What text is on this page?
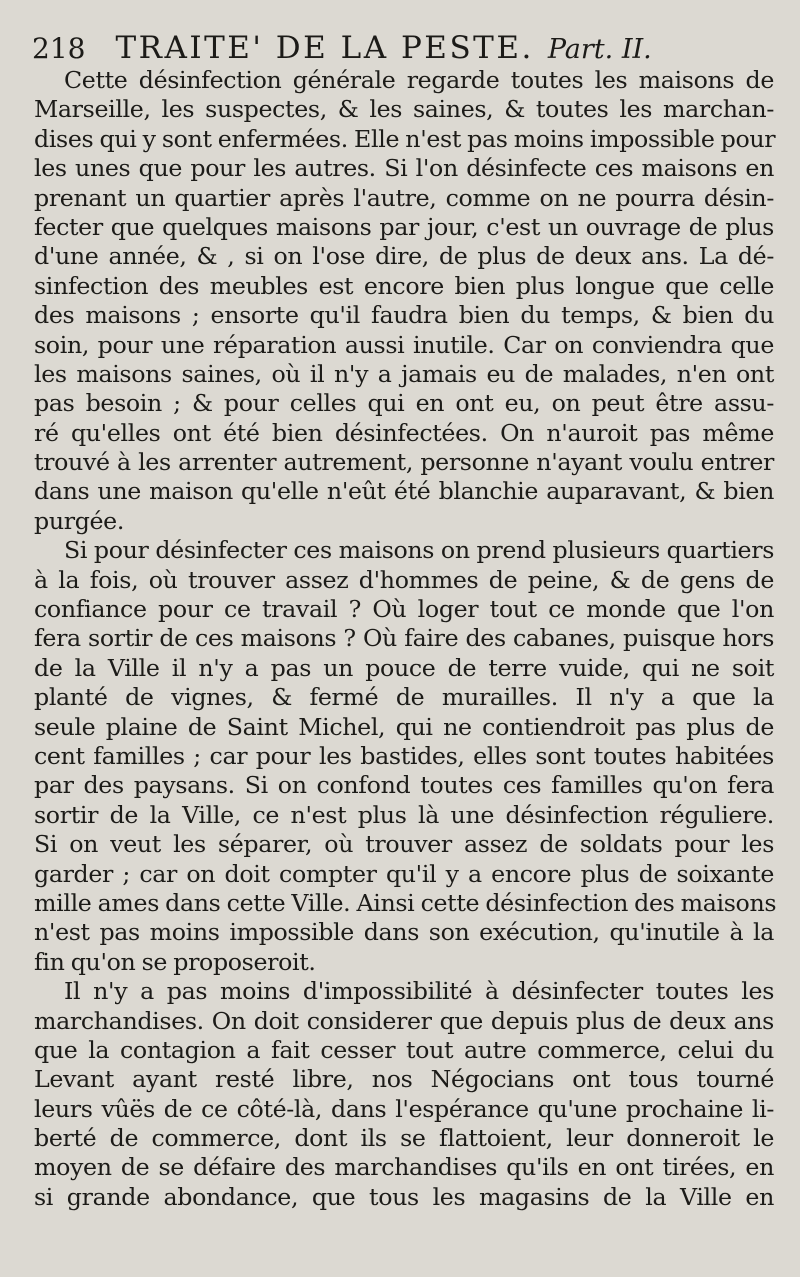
218 TRAITE' DE LA PESTE. Part. II.
Cette désinfection générale regarde toutes les maisons de
Marseille, les suspectes, & les saines, & toutes les marchan-
dises qui y sont enfermées. Elle n'est pas moins impossible pour
les unes que pour les autres. Si l'on désinfecte ces maisons en
prenant un quartier après l'autre, comme on ne pourra désin-
fecter que quelques maisons par jour, c'est un ouvrage de plus
d'une année, & , si on l'ose dire, de plus de deux ans. La dé-
sinfection des meubles est encore bien plus longue que celle
des maisons ; ensorte qu'il faudra bien du temps, & bien du
soin, pour une réparation aussi inutile. Car on conviendra que
les maisons saines, où il n'y a jamais eu de malades, n'en ont
pas besoin ; & pour celles qui en ont eu, on peut être assu-
ré qu'elles ont été bien désinfectées. On n'auroit pas même
trouvé à les arrenter autrement, personne n'ayant voulu entrer
dans une maison qu'elle n'eût été blanchie auparavant, & bien
purgée.
Si pour désinfecter ces maisons on prend plusieurs quartiers
à la fois, où trouver assez d'hommes de peine, & de gens de
confiance pour ce travail ? Où loger tout ce monde que l'on
fera sortir de ces maisons ? Où faire des cabanes, puisque hors
de la Ville il n'y a pas un pouce de terre vuide, qui ne soit
planté de vignes, & fermé de murailles. Il n'y a que la
seule plaine de Saint Michel, qui ne contiendroit pas plus de
cent familles ; car pour les bastides, elles sont toutes habitées
par des paysans. Si on confond toutes ces familles qu'on fera
sortir de la Ville, ce n'est plus là une désinfection réguliere.
Si on veut les séparer, où trouver assez de soldats pour les
garder ; car on doit compter qu'il y a encore plus de soixante
mille ames dans cette Ville. Ainsi cette désinfection des maisons
n'est pas moins impossible dans son exécution, qu'inutile à la
fin qu'on se proposeroit.
Il n'y a pas moins d'impossibilité à désinfecter toutes les
marchandises. On doit considerer que depuis plus de deux ans
que la contagion a fait cesser tout autre commerce, celui du
Levant ayant resté libre, nos Négocians ont tous tourné
leurs vûës de ce côté-là, dans l'espérance qu'une prochaine li-
berté de commerce, dont ils se flattoient, leur donneroit le
moyen de se défaire des marchandises qu'ils en ont tirées, en
si grande abondance, que tous les magasins de la Ville en
